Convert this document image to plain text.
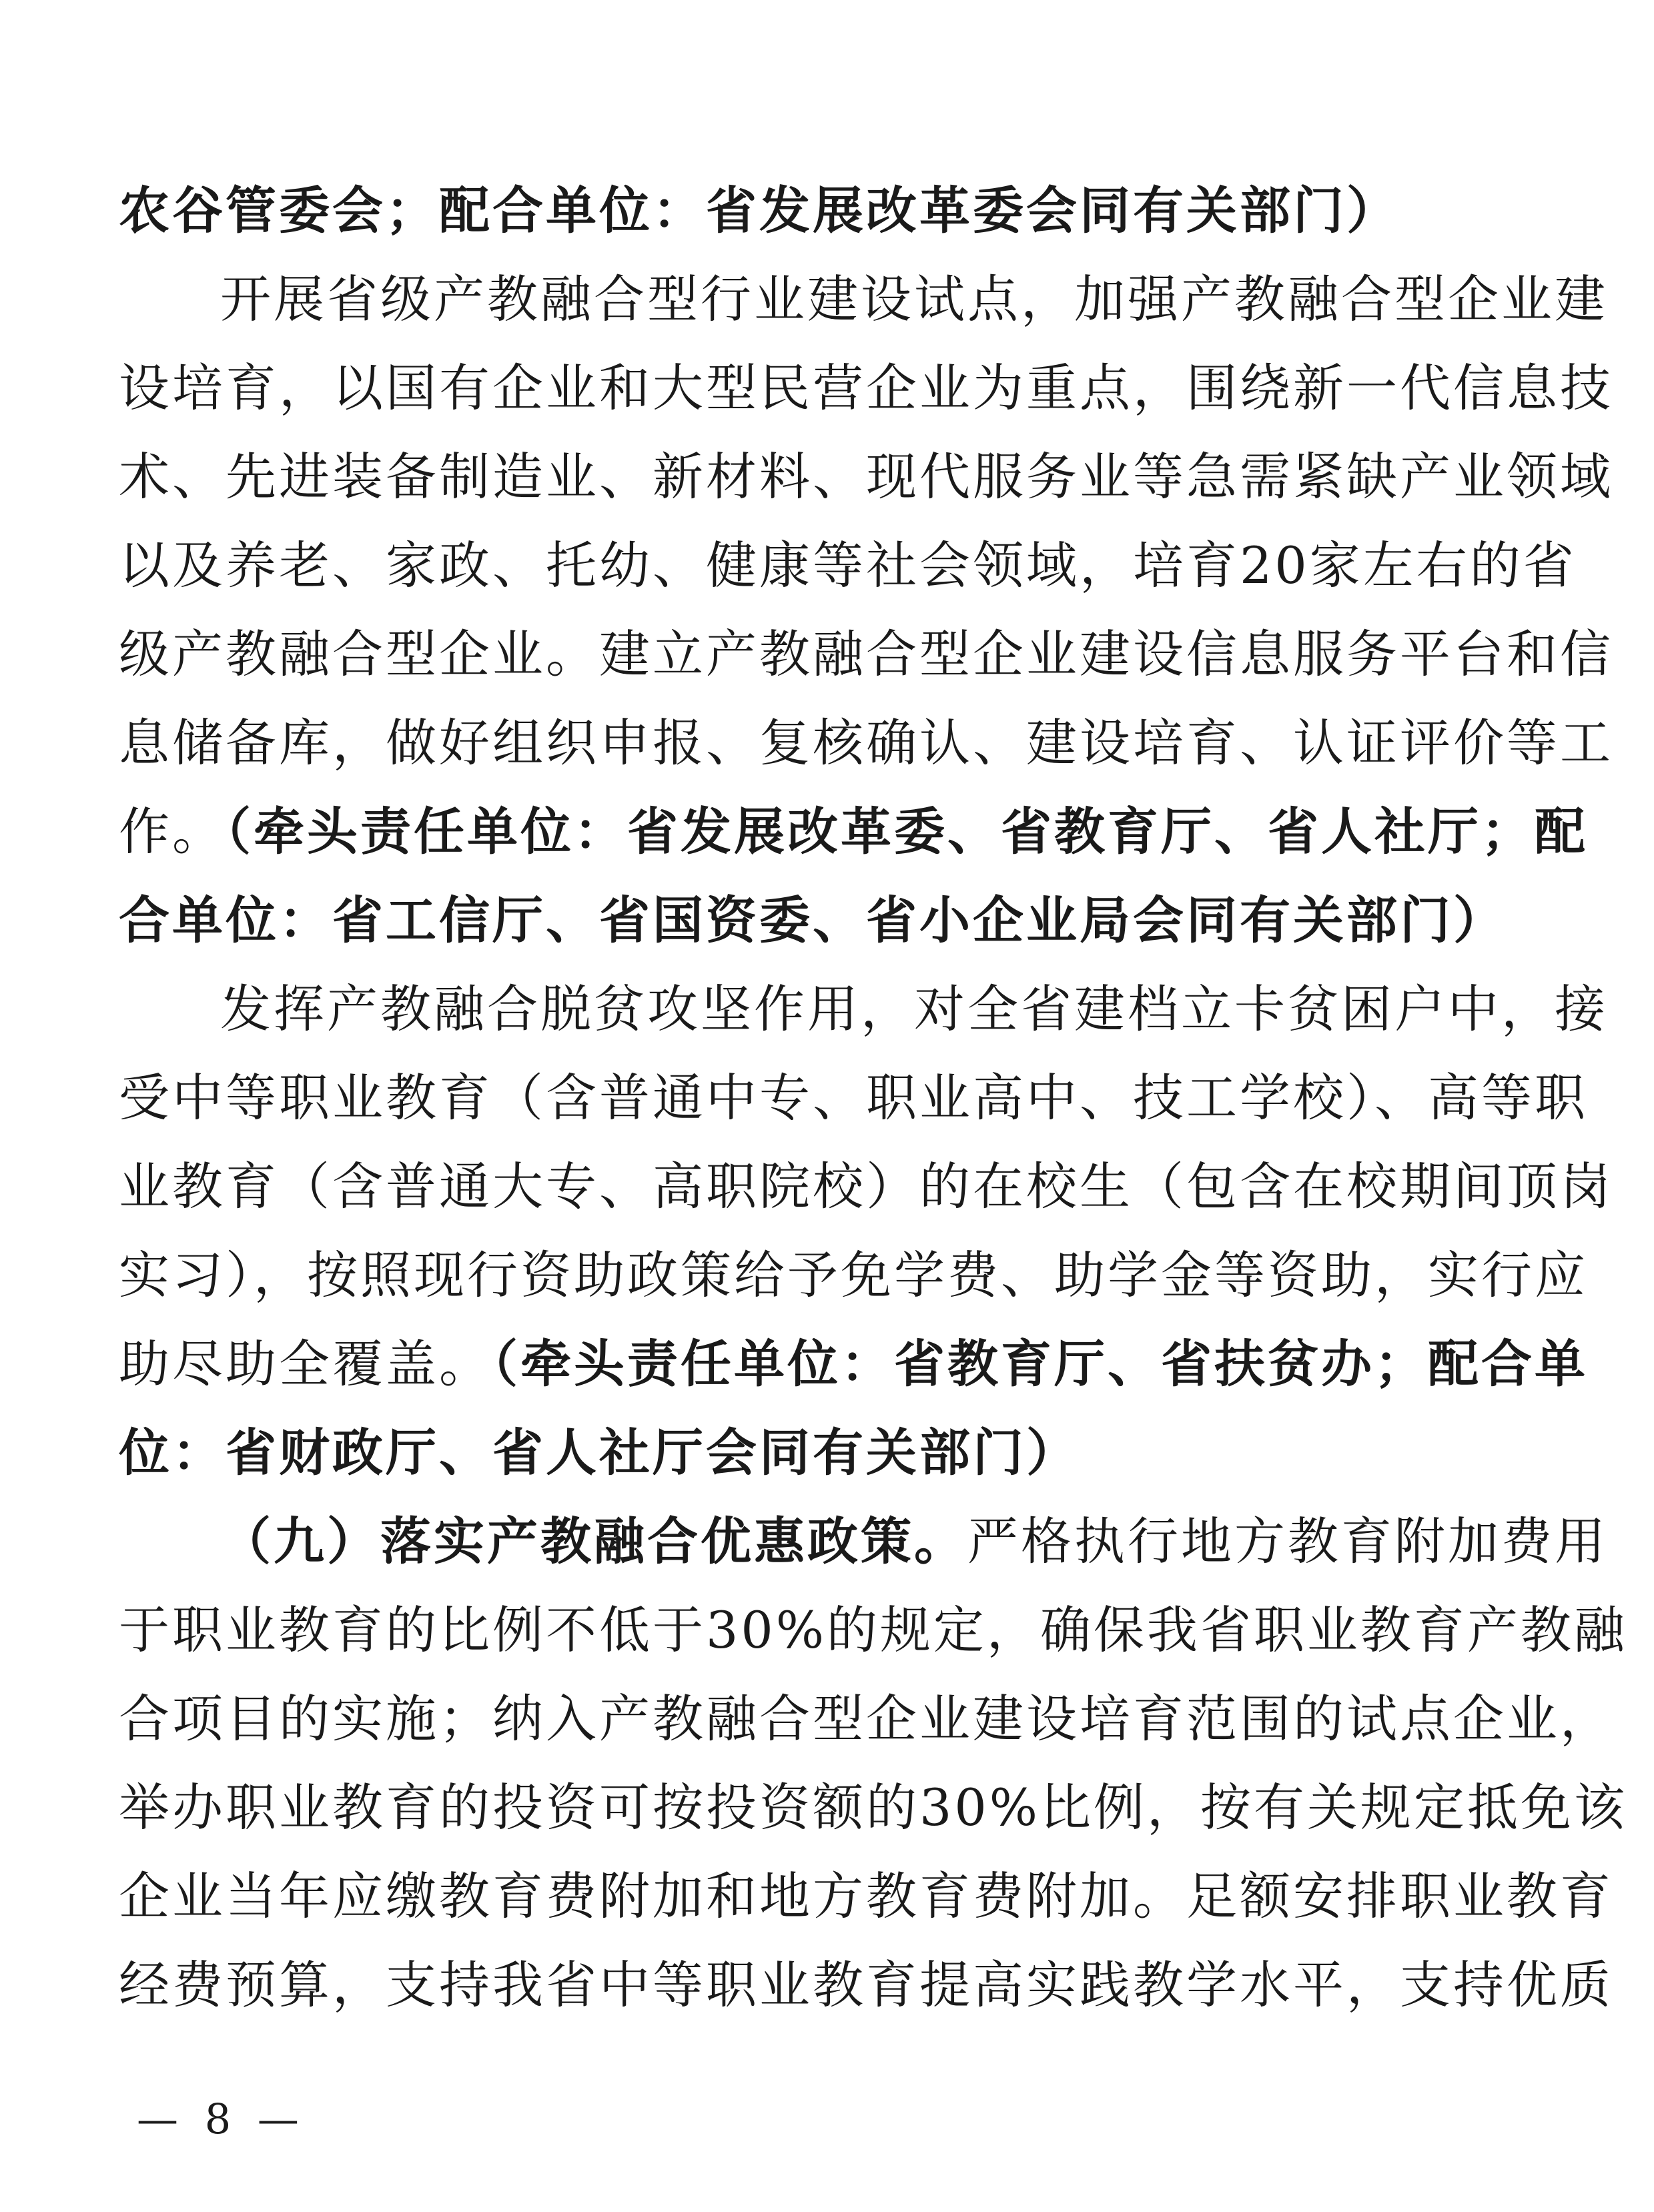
农谷管委会；配合单位：省发展改革委会同有关部门）
开展省级产教融合型行业建设试点，加强产教融合型企业建
设培育，以国有企业和大型民营企业为重点，围绕新一代信息技
术、先进装备制造业、新材料、现代服务业等急需紧缺产业领域
以及养老、家政、托幼、健康等社会领域，培育20家左右的省
级产教融合型企业。建立产教融合型企业建设信息服务平台和信
息储备库，做好组织申报、复核确认、建设培育、认证评价等工
作。（牵头责任单位：省发展改革委、省教育厅、省人社厅；配
合单位：省工信厅、省国资委、省小企业局会同有关部门）
发挥产教融合脱贫攻坚作用，对全省建档立卡贫困户中，接
受中等职业教育（含普通中专、职业高中、技工学校）、高等职
业教育（含普通大专、高职院校）的在校生（包含在校期间顶岗
实习），按照现行资助政策给予免学费、助学金等资助，实行应
助尽助全覆盖。（牵头责任单位：省教育厅、省扶贫办；配合单
位：省财政厅、省人社厅会同有关部门）
（九）落实产教融合优惠政策。严格执行地方教育附加费用
于职业教育的比例不低于30%的规定，确保我省职业教育产教融
合项目的实施；纳入产教融合型企业建设培育范围的试点企业，
举办职业教育的投资可按投资额的30%比例，按有关规定抵免该
企业当年应缴教育费附加和地方教育费附加。足额安排职业教育
经费预算，支持我省中等职业教育提高实践教学水平，支持优质
— 8 —
